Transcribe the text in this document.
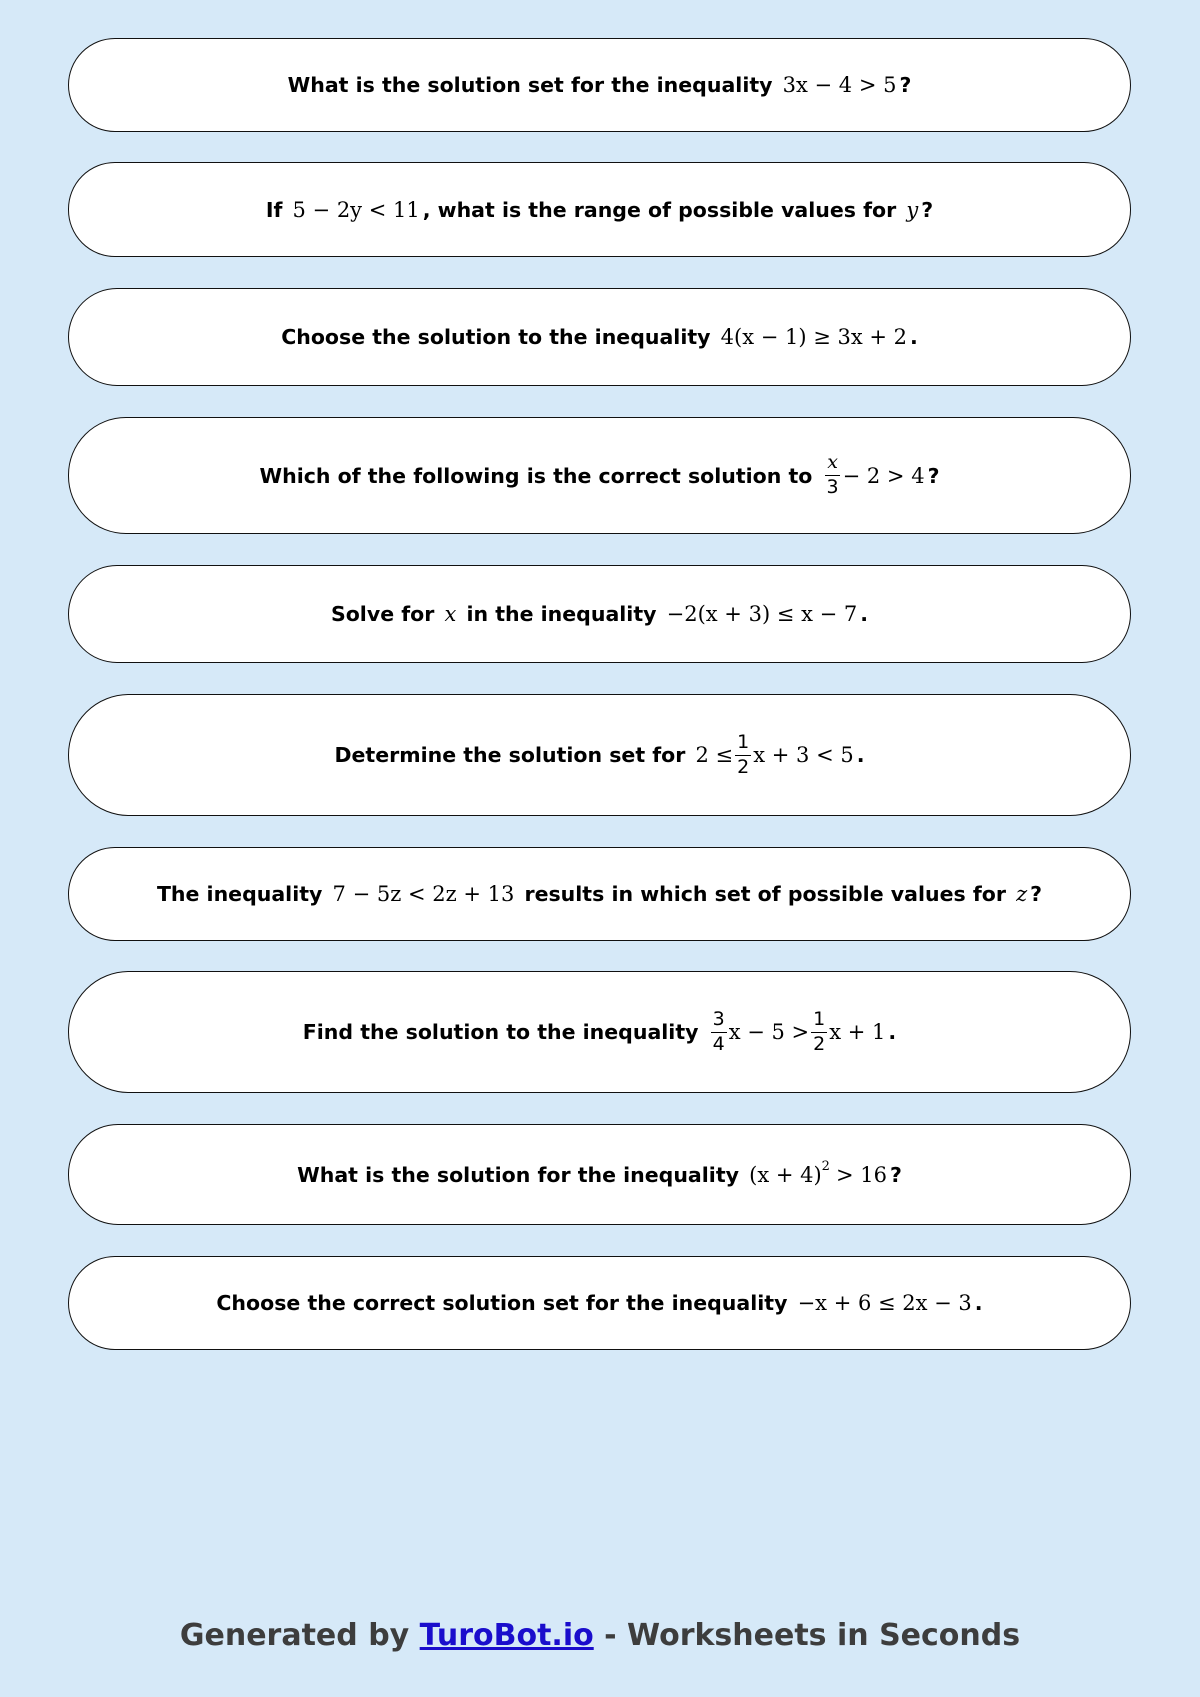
What is the solution set for the inequality 3x − 4 > 5 ?
If 5 − 2y < 11 , what is the range of possible values for y ?
Choose the solution to the inequality 4(x − 1) ≥ 3x + 2 .
Which of the following is the correct solution to $\frac{x}{3} - 2 > 4$ ?
Solve for x in the inequality −2(x + 3) ≤ x − 7 .
Determine the solution set for $2 \le \frac{1}{2}$ x + 3 < 5 .
The inequality 7 − 5z < 2z + 13 results in which set of possible values for z ?
Find the solution to the inequality $\frac{3}{4}$ $x - 5 > \frac{1}{2}$ x + 1 .
What is the solution for the inequality $(x + 4)^2 > 16$ ?
Choose the correct solution set for the inequality −x + 6 ≤ 2x − 3 .
Generated by TuroBot.io - Worksheets in Seconds
